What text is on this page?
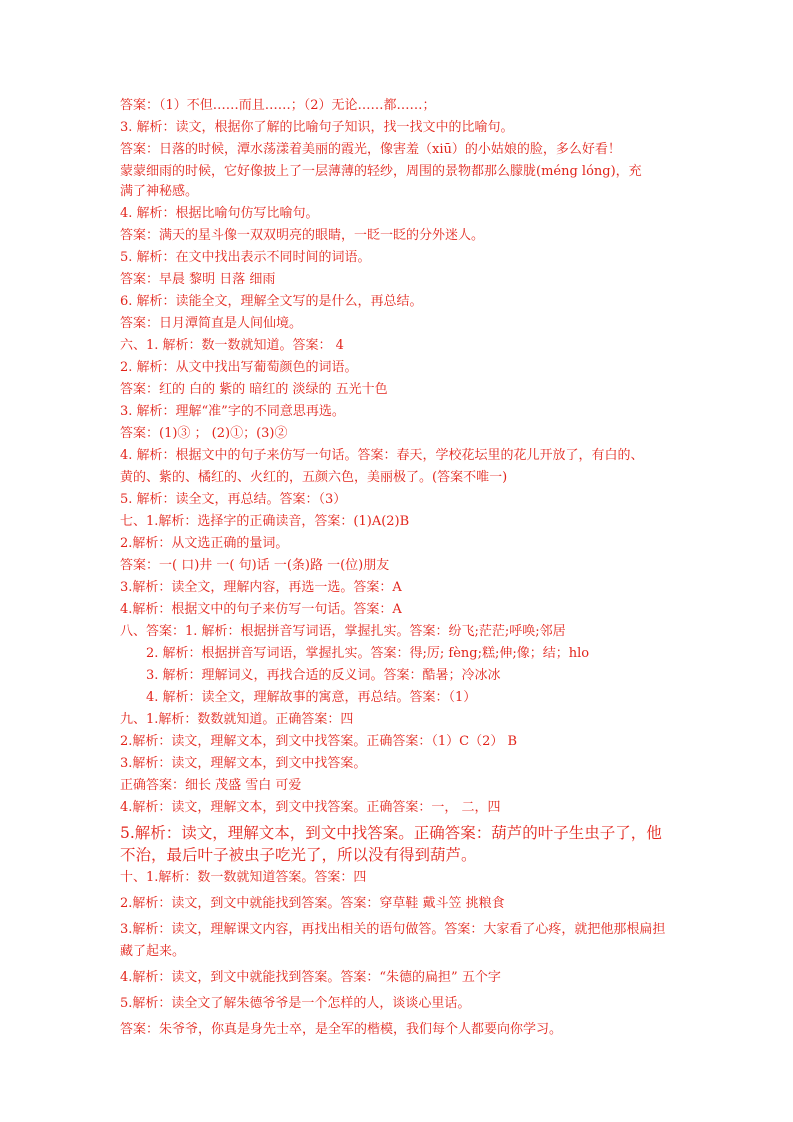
答案：（1）不但……而且……；（2）无论……都……；
3. 解析：读文，根据你了解的比喻句子知识，找一找文中的比喻句。
答案：日落的时候，潭水荡漾着美丽的霞光，像害羞（xiū）的小姑娘的脸，多么好看！
蒙蒙细雨的时候，它好像披上了一层薄薄的轻纱，周围的景物都那么朦胧(méng lóng)，充
满了神秘感。
4. 解析：根据比喻句仿写比喻句。
答案：满天的星斗像一双双明亮的眼睛，一眨一眨的分外迷人。
5. 解析：在文中找出表示不同时间的词语。
答案：早晨 黎明 日落 细雨
6. 解析：读能全文，理解全文写的是什么，再总结。
答案：日月潭简直是人间仙境。
六、1. 解析：数一数就知道。答案： 4
2. 解析：从文中找出写葡萄颜色的词语。
答案：红的 白的 紫的 暗红的 淡绿的 五光十色
3. 解析：理解“准”字的不同意思再选。
答案：(1)③ ； (2)①；(3)②
4. 解析：根据文中的句子来仿写一句话。答案：春天，学校花坛里的花儿开放了，有白的、
黄的、紫的、橘红的、火红的，五颜六色，美丽极了。(答案不唯一)
5. 解析：读全文，再总结。答案：（3）
七、1.解析：选择字的正确读音，答案：(1)A(2)B
2.解析：从文选正确的量词。
答案：一( 口)井 一( 句)话 一(条)路 一(位)朋友
3.解析：读全文，理解内容，再选一选。答案：A
4.解析：根据文中的句子来仿写一句话。答案：A
八、答案：1. 解析：根据拼音写词语，掌握扎实。答案：纷飞;茫茫;呼唤;邻居
2. 解析：根据拼音写词语，掌握扎实。答案：得;厉; fèng;糕;伸;像；结；hlo
3. 解析：理解词义，再找合适的反义词。答案：酷暑；冷冰冰
4. 解析：读全文，理解故事的寓意，再总结。答案：（1）
九、1.解析：数数就知道。正确答案：四
2.解析：读文，理解文本，到文中找答案。正确答案：（1）C（2） B
3.解析：读文，理解文本，到文中找答案。
正确答案：细长 茂盛 雪白 可爱
4.解析：读文，理解文本，到文中找答案。正确答案：一， 二，四
5.解析：读文，理解文本，到文中找答案。正确答案：葫芦的叶子生虫子了，他
不治，最后叶子被虫子吃光了，所以没有得到葫芦。
十、1.解析：数一数就知道答案。答案：四
2.解析：读文，到文中就能找到答案。答案：穿草鞋 戴斗笠 挑粮食
3.解析：读文，理解课文内容，再找出相关的语句做答。答案：大家看了心疼，就把他那根扁担
藏了起来。
4.解析：读文，到文中就能找到答案。答案：“朱德的扁担” 五个字
5.解析：读全文了解朱德爷爷是一个怎样的人，谈谈心里话。
答案：朱爷爷，你真是身先士卒，是全军的楷模，我们每个人都要向你学习。
